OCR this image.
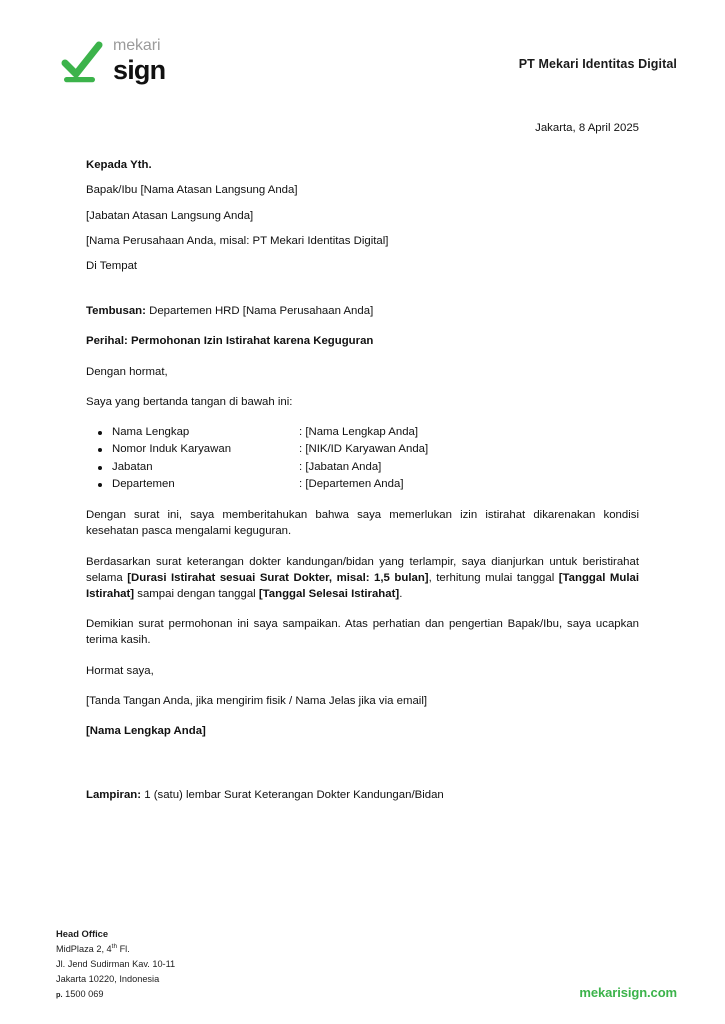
mekari
sign	PT Mekari Identitas Digital
Jakarta, 8 April 2025
Kepada Yth.
Bapak/Ibu [Nama Atasan Langsung Anda]
[Jabatan Atasan Langsung Anda]
[Nama Perusahaan Anda, misal: PT Mekari Identitas Digital]
Di Tempat
Tembusan: Departemen HRD [Nama Perusahaan Anda]
Perihal: Permohonan Izin Istirahat karena Keguguran
Dengan hormat,
Saya yang bertanda tangan di bawah ini:
Nama Lengkap	: [Nama Lengkap Anda]
Nomor Induk Karyawan	: [NIK/ID Karyawan Anda]
Jabatan	: [Jabatan Anda]
Departemen	: [Departemen Anda]
Dengan surat ini, saya memberitahukan bahwa saya memerlukan izin istirahat dikarenakan kondisi kesehatan pasca mengalami keguguran.
Berdasarkan surat keterangan dokter kandungan/bidan yang terlampir, saya dianjurkan untuk beristirahat selama [Durasi Istirahat sesuai Surat Dokter, misal: 1,5 bulan], terhitung mulai tanggal [Tanggal Mulai Istirahat] sampai dengan tanggal [Tanggal Selesai Istirahat].
Demikian surat permohonan ini saya sampaikan. Atas perhatian dan pengertian Bapak/Ibu, saya ucapkan terima kasih.
Hormat saya,
[Tanda Tangan Anda, jika mengirim fisik / Nama Jelas jika via email]
[Nama Lengkap Anda]
Lampiran: 1 (satu) lembar Surat Keterangan Dokter Kandungan/Bidan
Head Office
MidPlaza 2, 4th Fl.
Jl. Jend Sudirman Kav. 10-11
Jakarta 10220, Indonesia
p. 1500 069	mekarisign.com
